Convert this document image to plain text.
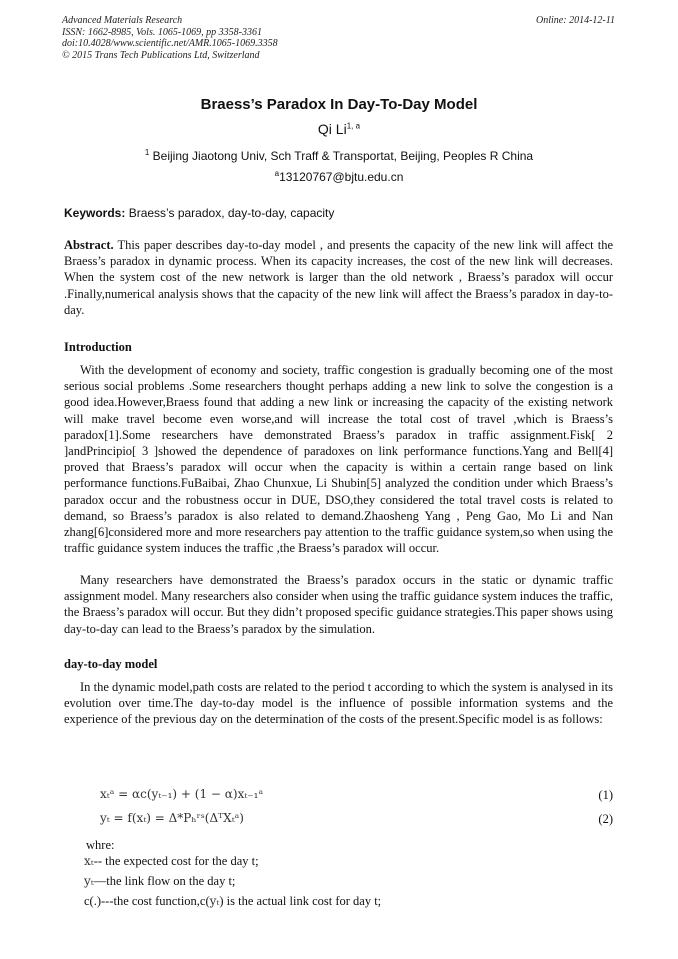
Advanced Materials Research
ISSN: 1662-8985, Vols. 1065-1069, pp 3358-3361
doi:10.4028/www.scientific.net/AMR.1065-1069.3358
© 2015 Trans Tech Publications Ltd, Switzerland
Online: 2014-12-11
Braess’s Paradox In Day-To-Day Model
Qi Li$^{1, a}$
$^1$ Beijing Jiaotong Univ, Sch Traff & Transportat, Beijing, Peoples R China
$^a$13120767@bjtu.edu.cn
Keywords: Braess’s paradox, day-to-day, capacity
Abstract. This paper describes day-to-day model , and presents the capacity of the new link will affect the Braess’s paradox in dynamic process. When its capacity increases, the cost of the new link will decreases. When the system cost of the new network is larger than the old network , Braess’s paradox will occur .Finally,numerical analysis shows that the capacity of the new link will affect the Braess’s paradox in day-to-day.
Introduction
With the development of economy and society, traffic congestion is gradually becoming one of the most serious social problems .Some researchers thought perhaps adding a new link to solve the congestion is a good idea.However,Braess found that adding a new link or increasing the capacity of the existing network will make travel become even worse,and will increase the total cost of travel ,which is Braess’s paradox[1].Some researchers have demonstrated Braess’s paradox in traffic assignment.Fisk[ 2 ]andPrincipio[ 3 ]showed the dependence of paradoxes on link performance functions.Yang and Bell[4] proved that Braess’s paradox will occur when the capacity is within a certain range based on link performance functions.FuBaibai, Zhao Chunxue, Li Shubin[5] analyzed the condition under which Braess’s paradox occur and the robustness occur in DUE, DSO,they considered the total travel costs is related to demand, so Braess’s paradox is also related to demand.Zhaosheng Yang , Peng Gao, Mo Li and Nan zhang[6]considered more and more researchers pay attention to the traffic guidance system,so when using the traffic guidance system induces the traffic ,the Braess’s paradox will occur.
Many researchers have demonstrated the Braess’s paradox occurs in the static or dynamic traffic assignment model. Many researchers also consider when using the traffic guidance system induces the traffic, the Braess’s paradox will occur. But they didn’t proposed specific guidance strategies.This paper shows using day-to-day can lead to the Braess’s paradox by the simulation.
day-to-day model
In the dynamic model,path costs are related to the period t according to which the system is analysed in its evolution over time.The day-to-day model is the influence of possible information systems and the experience of the previous day on the determination of the costs of the present.Specific model is as follows:
xₜᵃ = αc(yₜ₋₁) + (1 − α)xₜ₋₁ᵃ	(1)
yₜ = f(xₜ) = Δ*Pₕʳˢ(ΔᵀXₜᵃ)	(2)
whre:
xₜ-- the expected cost for the day t;
yₜ—the link flow on the day t;
c(.)---the cost function,c(yₜ) is the actual link cost for day t;
